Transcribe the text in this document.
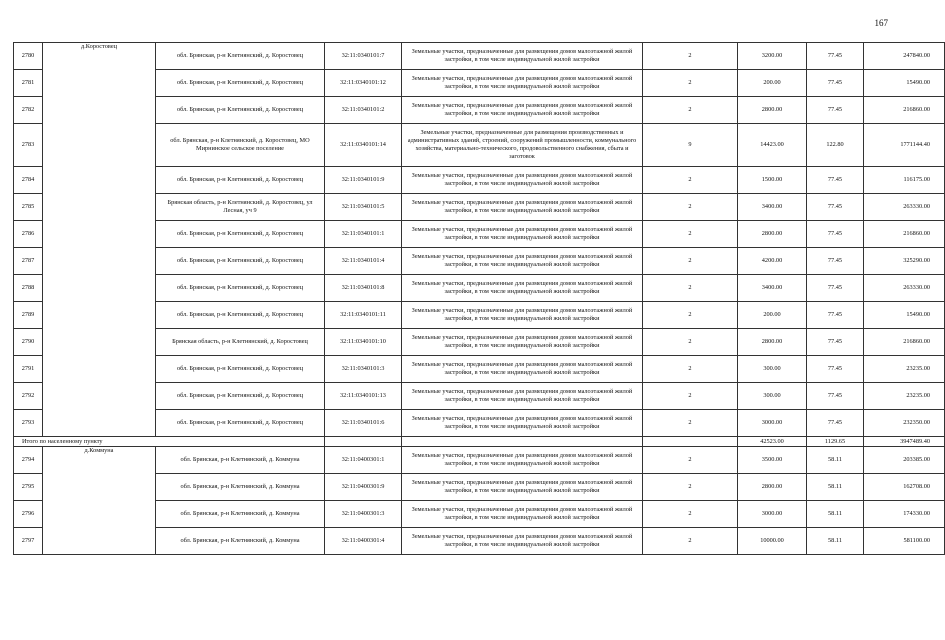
167
2780	д.Коростовец	обл. Брянская, р-н Клетнянский, д. Коростовец	32:11:0340101:7	Земельные участки, предназначенные для размещения домов малоэтажной жилой застройки, в том числе индивидуальной жилой застройки	2	3200.00	77.45	247840.00
2781		обл. Брянская, р-н Клетнянский, д. Коростовец	32:11:0340101:12	Земельные участки, предназначенные для размещения домов малоэтажной жилой застройки, в том числе индивидуальной жилой застройки	2	200.00	77.45	15490.00
2782		обл. Брянская, р-н Клетнянский, д. Коростовец	32:11:0340101:2	Земельные участки, предназначенные для размещения домов малоэтажной жилой застройки, в том числе индивидуальной жилой застройки	2	2800.00	77.45	216860.00
2783		обл. Брянская, р-н Клетнянский, д. Коростовец, МО Мирнинское сельское поселение	32:11:0340101:14	Земельные участки, предназначенные для размещения производственных и административных зданий, строений, сооружений промышленности, коммунального хозяйства, материально-технического, продовольственного снабжения, сбыта и заготовок	9	14423.00	122.80	1771144.40
2784		обл. Брянская, р-н Клетнянский, д. Коростовец	32:11:0340101:9	Земельные участки, предназначенные для размещения домов малоэтажной жилой застройки, в том числе индивидуальной жилой застройки	2	1500.00	77.45	116175.00
2785		Брянская область, р-н Клетнянский, д. Коростовец, ул Лесная, уч 9	32:11:0340101:5	Земельные участки, предназначенные для размещения домов малоэтажной жилой застройки, в том числе индивидуальной жилой застройки	2	3400.00	77.45	263330.00
2786		обл. Брянская, р-н Клетнянский, д. Коростовец	32:11:0340101:1	Земельные участки, предназначенные для размещения домов малоэтажной жилой застройки, в том числе индивидуальной жилой застройки	2	2800.00	77.45	216860.00
2787		обл. Брянская, р-н Клетнянский, д. Коростовец	32:11:0340101:4	Земельные участки, предназначенные для размещения домов малоэтажной жилой застройки, в том числе индивидуальной жилой застройки	2	4200.00	77.45	325290.00
2788		обл. Брянская, р-н Клетнянский, д. Коростовец	32:11:0340101:8	Земельные участки, предназначенные для размещения домов малоэтажной жилой застройки, в том числе индивидуальной жилой застройки	2	3400.00	77.45	263330.00
2789		обл. Брянская, р-н Клетнянский, д. Коростовец	32:11:0340101:11	Земельные участки, предназначенные для размещения домов малоэтажной жилой застройки, в том числе индивидуальной жилой застройки	2	200.00	77.45	15490.00
2790		Брянская область, р-н Клетнянский, д. Коростовец	32:11:0340101:10	Земельные участки, предназначенные для размещения домов малоэтажной жилой застройки, в том числе индивидуальной жилой застройки	2	2800.00	77.45	216860.00
2791		обл. Брянская, р-н Клетнянский, д. Коростовец	32:11:0340101:3	Земельные участки, предназначенные для размещения домов малоэтажной жилой застройки, в том числе индивидуальной жилой застройки	2	300.00	77.45	23235.00
2792		обл. Брянская, р-н Клетнянский, д. Коростовец	32:11:0340101:13	Земельные участки, предназначенные для размещения домов малоэтажной жилой застройки, в том числе индивидуальной жилой застройки	2	300.00	77.45	23235.00
2793		обл. Брянская, р-н Клетнянский, д. Коростовец	32:11:0340101:6	Земельные участки, предназначенные для размещения домов малоэтажной жилой застройки, в том числе индивидуальной жилой застройки	2	3000.00	77.45	232350.00
Итого по населенному пункту						42523.00	1129.65	3947489.40
2794	д.Коммуна	обл. Брянская, р-н Клетнянский, д. Коммуна	32:11:0400301:1	Земельные участки, предназначенные для размещения домов малоэтажной жилой застройки, в том числе индивидуальной жилой застройки	2	3500.00	58.11	203385.00
2795		обл. Брянская, р-н Клетнянский, д. Коммуна	32:11:0400301:9	Земельные участки, предназначенные для размещения домов малоэтажной жилой застройки, в том числе индивидуальной жилой застройки	2	2800.00	58.11	162708.00
2796		обл. Брянская, р-н Клетнянский, д. Коммуна	32:11:0400301:3	Земельные участки, предназначенные для размещения домов малоэтажной жилой застройки, в том числе индивидуальной жилой застройки	2	3000.00	58.11	174330.00
2797		обл. Брянская, р-н Клетнянский, д. Коммуна	32:11:0400301:4	Земельные участки, предназначенные для размещения домов малоэтажной жилой застройки, в том числе индивидуальной жилой застройки	2	10000.00	58.11	581100.00
